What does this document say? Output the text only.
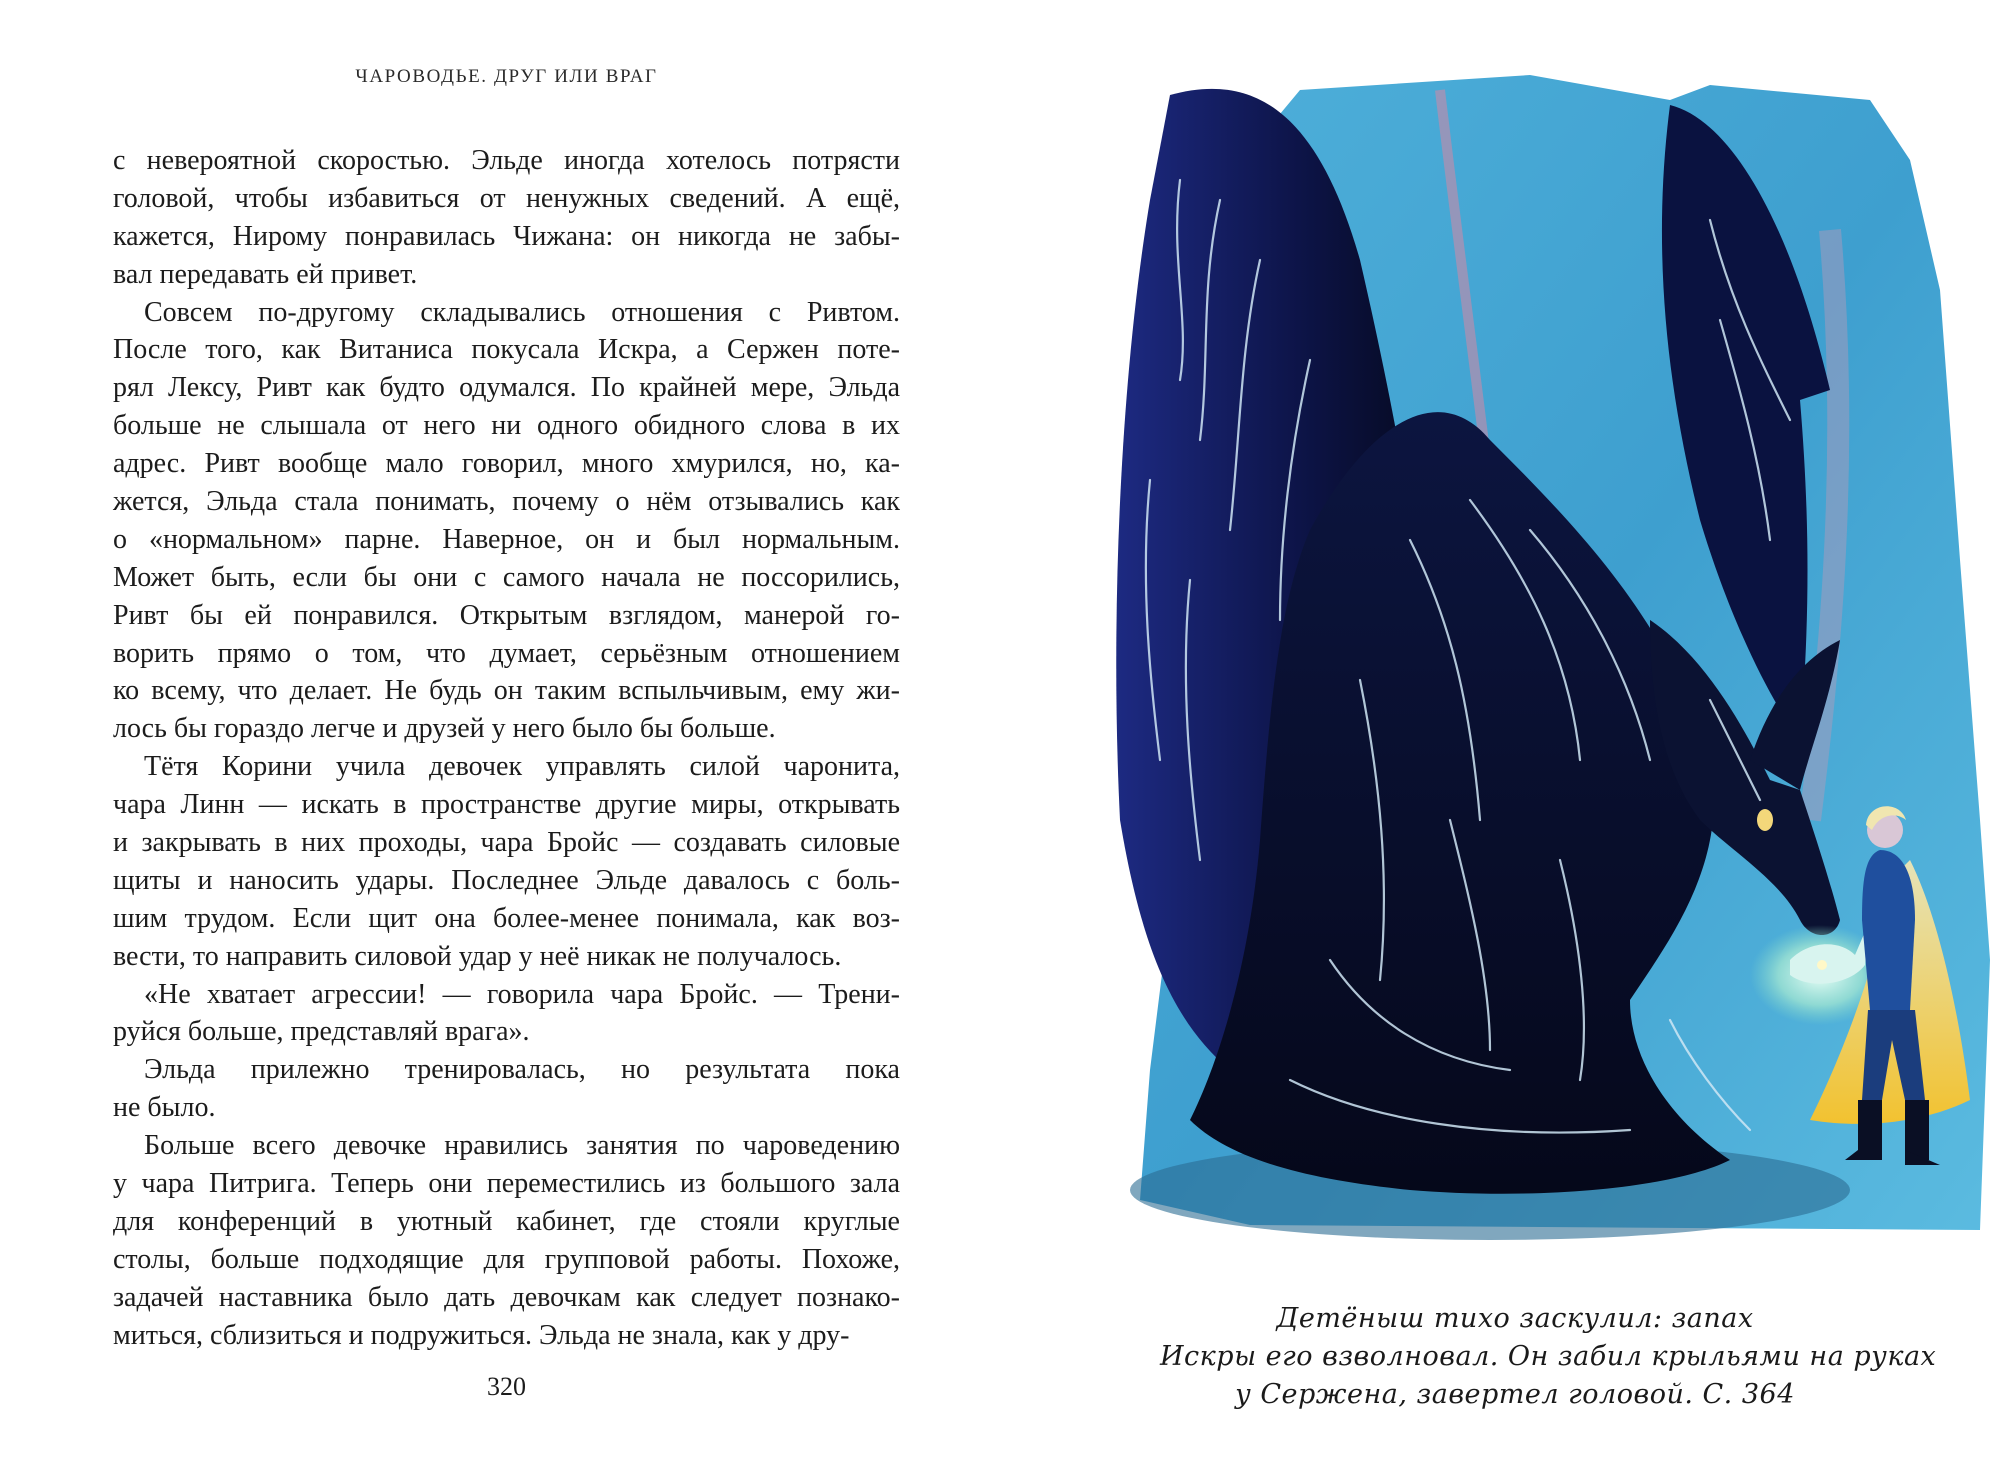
ЧАРОВОДЬЕ. ДРУГ ИЛИ ВРАГ

с невероятной скоростью. Эльде иногда хотелось потрясти
головой, чтобы избавиться от ненужных сведений. А ещё,
кажется, Нирому понравилась Чижана: он никогда не забы-
вал передавать ей привет.

Совсем по-другому складывались отношения с Ривтом.
После того, как Витаниса покусала Искра, а Сержен поте-
рял Лексу, Ривт как будто одумался. По крайней мере, Эльда
больше не слышала от него ни одного обидного слова в их
адрес. Ривт вообще мало говорил, много хмурился, но, ка-
жется, Эльда стала понимать, почему о нём отзывались как
о «нормальном» парне. Наверное, он и был нормальным.
Может быть, если бы они с самого начала не поссорились,
Ривт бы ей понравился. Открытым взглядом, манерой го-
ворить прямо о том, что думает, серьёзным отношением
ко всему, что делает. Не будь он таким вспыльчивым, ему жи-
лось бы гораздо легче и друзей у него было бы больше.

Тётя Корини учила девочек управлять силой чаронита,
чара Линн — искать в пространстве другие миры, открывать
и закрывать в них проходы, чара Бройс — создавать силовые
щиты и наносить удары. Последнее Эльде давалось с боль-
шим трудом. Если щит она более-менее понимала, как воз-
вести, то направить силовой удар у неё никак не получалось.

«Не хватает агрессии! — говорила чара Бройс. — Трени-
руйся больше, представляй врага».

Эльда прилежно тренировалась, но результата пока
не было.

Больше всего девочке нравились занятия по чароведению
у чара Питрига. Теперь они переместились из большого зала
для конференций в уютный кабинет, где стояли круглые
столы, больше подходящие для групповой работы. Похоже,
задачей наставника было дать девочкам как следует познако-
миться, сблизиться и подружиться. Эльда не знала, как у дру-

320
Детёныш тихо заскулил: запах
Искры его взволновал. Он забил крыльями на руках
у Сержена, завертел головой. С. 364
